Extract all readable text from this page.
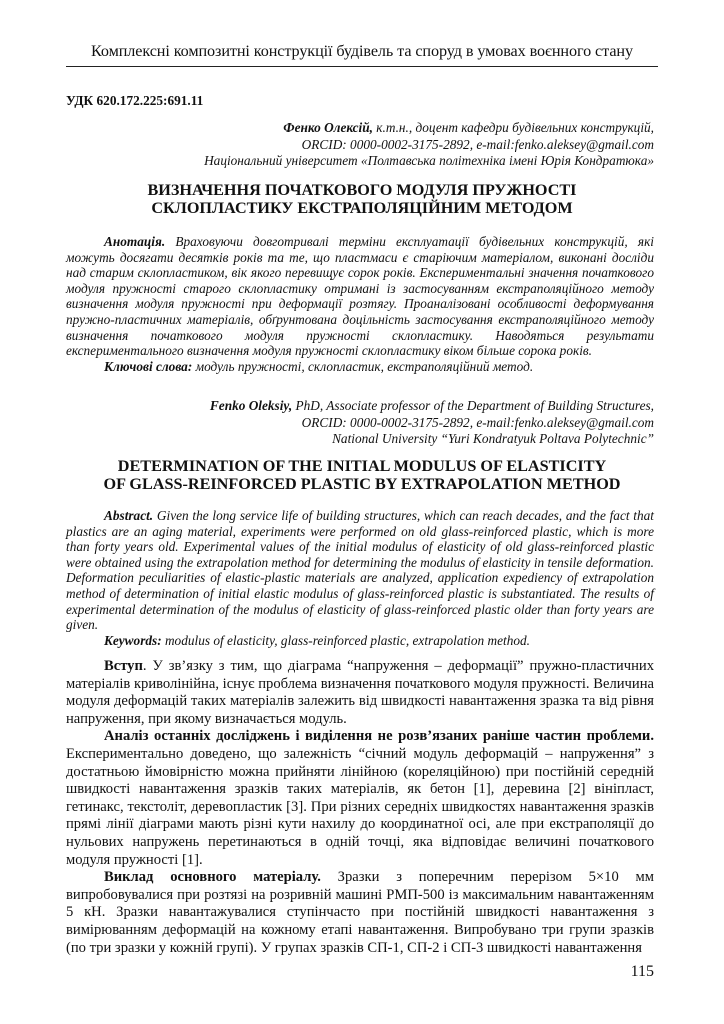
Комплексні композитні конструкції будівель та споруд в умовах воєнного стану
УДК 620.172.225:691.11
Фенко Олексій, к.т.н., доцент кафедри будівельних конструкцій,
ORCID: 0000-0002-3175-2892, e-mail:fenko.aleksey@gmail.com
Національний університет «Полтавська політехніка імені Юрія Кондратюка»
ВИЗНАЧЕННЯ ПОЧАТКОВОГО МОДУЛЯ ПРУЖНОСТІ
СКЛОПЛАСТИКУ ЕКСТРАПОЛЯЦІЙНИМ МЕТОДОМ

Анотація. Враховуючи довготривалі терміни експлуатації будівельних конструкцій, які можуть досягати десятків років та те, що пластмаси є старіючим матеріалом, виконані досліди над старим склопластиком, вік якого перевищує сорок років. Експериментальні значення початкового модуля пружності старого склопластику отримані із застосуванням екстраполяційного методу визначення модуля пружності при деформації розтягу. Проаналізовані особливості деформування пружно-пластичних матеріалів, обґрунтована доцільність застосування екстраполяційного методу визначення початкового модуля пружності склопластику. Наводяться результати експериментального визначення модуля пружності склопластику віком більше сорока років.

Ключові слова: модуль пружності, склопластик, екстраполяційний метод.

Fenko Oleksiy, PhD, Associate professor of the Department of Building Structures,
ORCID: 0000-0002-3175-2892, e-mail:fenko.aleksey@gmail.com
National University “Yuri Kondratyuk Poltava Polytechnic”
DETERMINATION OF THE INITIAL MODULUS OF ELASTICITY
OF GLASS-REINFORCED PLASTIC BY EXTRAPOLATION METHOD

Abstract. Given the long service life of building structures, which can reach decades, and the fact that plastics are an aging material, experiments were performed on old glass-reinforced plastic, which is more than forty years old. Experimental values of the initial modulus of elasticity of old glass-reinforced plastic were obtained using the extrapolation method for determining the modulus of elasticity in tensile deformation. Deformation peculiarities of elastic-plastic materials are analyzed, application expediency of extrapolation method of determination of initial elastic modulus of glass-reinforced plastic is substantiated. The results of experimental determination of the modulus of elasticity of glass-reinforced plastic older than forty years are given.

Keywords: modulus of elasticity, glass-reinforced plastic, extrapolation method.

Вступ. У зв’язку з тим, що діаграма “напруження – деформації” пружно-пластичних матеріалів криволінійна, існує проблема визначення початкового модуля пружності. Величина модуля деформацій таких матеріалів залежить від швидкості навантаження зразка та від рівня напруження, при якому визначається модуль.

Аналіз останніх досліджень і виділення не розв’язаних раніше частин проблеми. Експериментально доведено, що залежність “січний модуль деформацій – напруження” з достатньою ймовірністю можна прийняти лінійною (кореляційною) при постійній середній швидкості навантаження зразків таких матеріалів, як бетон [1], деревина [2] вініпласт, гетинакс, текстоліт, деревопластик [3]. При різних середніх швидкостях навантаження зразків прямі лінії діаграми мають різні кути нахилу до координатної осі, але при екстраполяції до нульових напружень перетинаються в одній точці, яка відповідає величині початкового модуля пружності [1].

Виклад основного матеріалу. Зразки з поперечним перерізом 5×10 мм випробовувалися при розтязі на розривній машині РМП-500 із максимальним навантаженням 5 кН. Зразки навантажувалися ступінчасто при постійній швидкості навантаження з вимірюванням деформацій на кожному етапі навантаження. Випробувано три групи зразків (по три зразки у кожній групі). У групах зразків СП-1, СП-2 і СП-3 швидкості навантаження

115
